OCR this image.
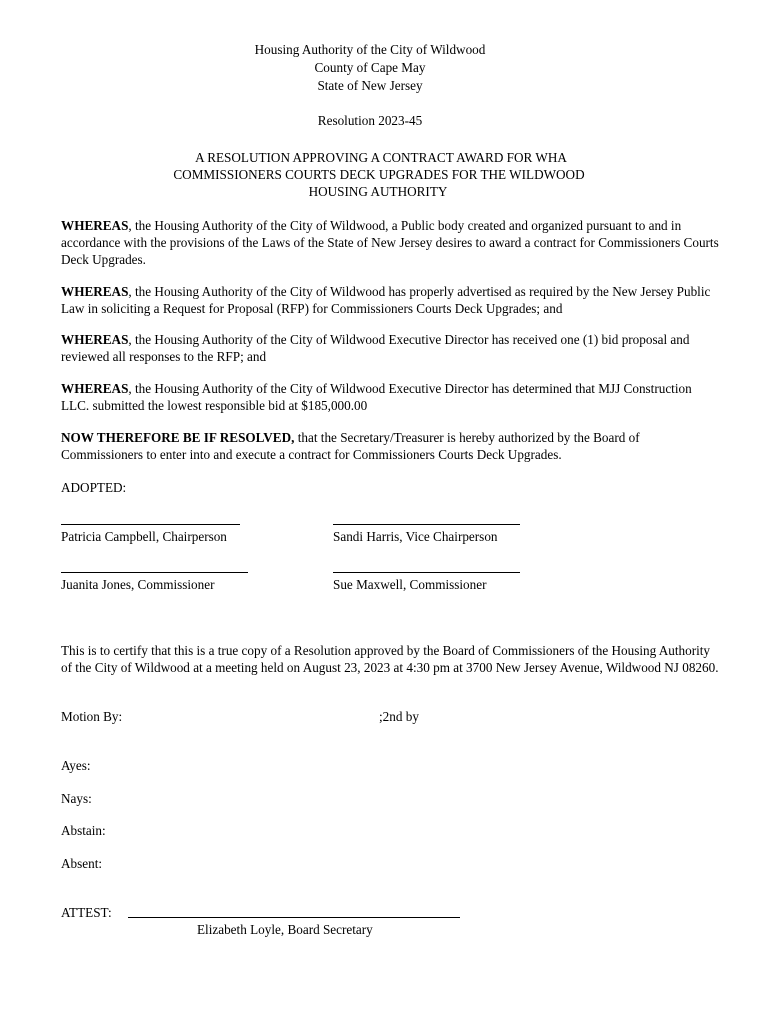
Housing Authority of the City of Wildwood
County of Cape May
State of New Jersey
Resolution 2023-45
A RESOLUTION APPROVING A CONTRACT AWARD FOR WHA
COMMISSIONERS COURTS DECK UPGRADES FOR THE WILDWOOD
HOUSING AUTHORITY
WHEREAS, the Housing Authority of the City of Wildwood, a Public body created and organized pursuant to and in accordance with the provisions of the Laws of the State of New Jersey desires to award a contract for Commissioners Courts Deck Upgrades.
WHEREAS, the Housing Authority of the City of Wildwood has properly advertised as required by the New Jersey Public Law in soliciting a Request for Proposal (RFP) for Commissioners Courts Deck Upgrades; and
WHEREAS, the Housing Authority of the City of Wildwood Executive Director has received one (1) bid proposal and reviewed all responses to the RFP; and
WHEREAS, the Housing Authority of the City of Wildwood Executive Director has determined that MJJ Construction LLC. submitted the lowest responsible bid at $185,000.00
NOW THEREFORE BE IF RESOLVED, that the Secretary/Treasurer is hereby authorized by the Board of Commissioners to enter into and execute a contract for Commissioners Courts Deck Upgrades.
ADOPTED:
Patricia Campbell, Chairperson	Sandi Harris, Vice Chairperson
Juanita Jones, Commissioner	Sue Maxwell, Commissioner
This is to certify that this is a true copy of a Resolution approved by the Board of Commissioners of the Housing Authority of the City of Wildwood at a meeting held on August 23, 2023 at 4:30 pm at 3700 New Jersey Avenue, Wildwood NJ 08260.
Motion By:	;2nd by
Ayes:
Nays:
Abstain:
Absent:
ATTEST:
Elizabeth Loyle, Board Secretary
